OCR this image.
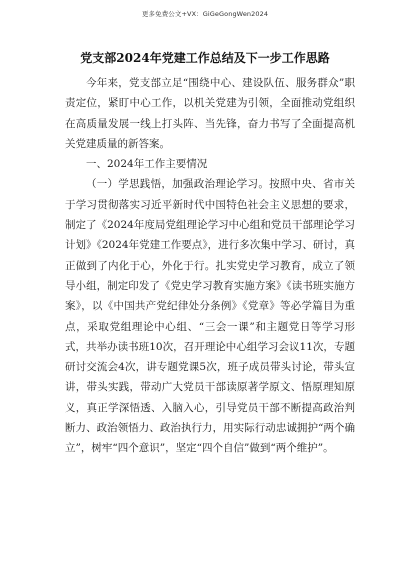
更多免费公文+VX：GiGeGongWen2024
党支部2024年党建工作总结及下一步工作思路

今年来，党支部立足“围绕中心、建设队伍、服务群众”职责定位，紧盯中心工作，以机关党建为引领，全面推动党组织在高质量发展一线上打头阵、当先锋，奋力书写了全面提高机关党建质量的新答案。

一、2024年工作主要情况

（一）学思践悟，加强政治理论学习。按照中央、省市关于学习贯彻落实习近平新时代中国特色社会主义思想的要求，制定了《2024年度局党组理论学习中心组和党员干部理论学习计划》《2024年党建工作要点》，进行多次集中学习、研讨，真正做到了内化于心，外化于行。扎实党史学习教育，成立了领导小组，制定印发了《党史学习教育实施方案》《读书班实施方案》，以《中国共产党纪律处分条例》《党章》等必学篇目为重点，采取党组理论中心组、“三会一课”和主题党日等学习形式，共举办读书班10次，召开理论中心组学习会议11次，专题研讨交流会4次，讲专题党课5次，班子成员带头讨论，带头宣讲，带头实践，带动广大党员干部读原著学原文、悟原理知原义，真正学深悟透、入脑入心，引导党员干部不断提高政治判断力、政治领悟力、政治执行力，用实际行动忠诚拥护“两个确立”，树牢“四个意识”，坚定“四个自信”做到“两个维护”。
